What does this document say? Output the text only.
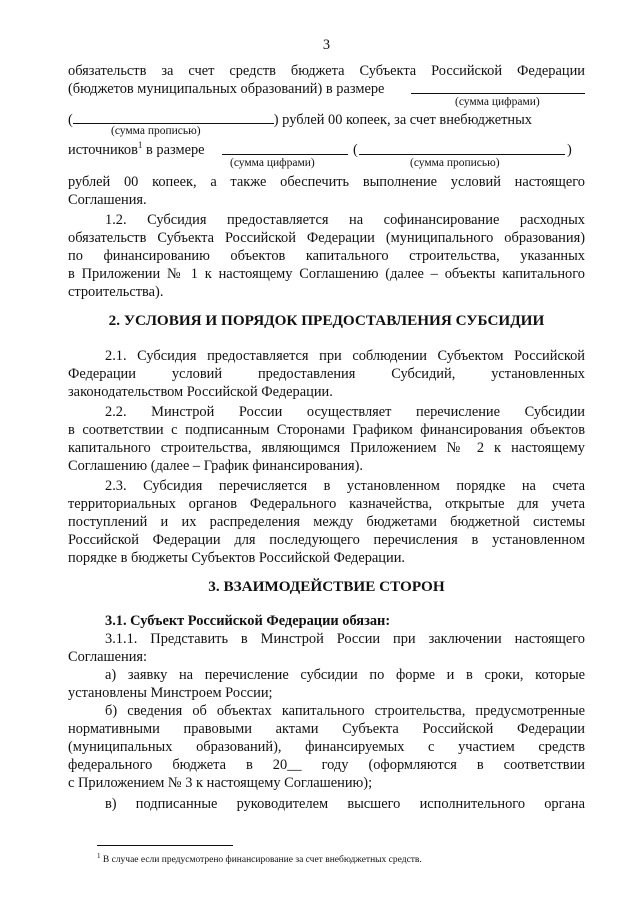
3
обязательств за счет средств бюджета Субъекта Российской Федерации
(бюджетов муниципальных образований) в размере
(сумма цифрами)
(	) рублей 00 копеек, за счет внебюджетных
(сумма прописью)
источников$^1$ в размере	(	)
(сумма цифрами)	(сумма прописью)
рублей 00 копеек, а также обеспечить выполнение условий настоящего
Соглашения.
1.2. Субсидия предоставляется на софинансирование расходных
обязательств Субъекта Российской Федерации (муниципального образования)
по финансированию объектов капитального строительства, указанных
в Приложении № 1 к настоящему Соглашению (далее – объекты капитального
строительства).
2. УСЛОВИЯ И ПОРЯДОК ПРЕДОСТАВЛЕНИЯ СУБСИДИИ
2.1. Субсидия предоставляется при соблюдении Субъектом Российской
Федерации условий предоставления Субсидий, установленных
законодательством Российской Федерации.
2.2. Минстрой России осуществляет перечисление Субсидии
в соответствии с подписанным Сторонами Графиком финансирования объектов
капитального строительства, являющимся Приложением № 2 к настоящему
Соглашению (далее – График финансирования).
2.3. Субсидия перечисляется в установленном порядке на счета
территориальных органов Федерального казначейства, открытые для учета
поступлений и их распределения между бюджетами бюджетной системы
Российской Федерации для последующего перечисления в установленном
порядке в бюджеты Субъектов Российской Федерации.
3. ВЗАИМОДЕЙСТВИЕ СТОРОН
3.1. Субъект Российской Федерации обязан:
3.1.1. Представить в Минстрой России при заключении настоящего
Соглашения:
а) заявку на перечисление субсидии по форме и в сроки, которые
установлены Минстроем России;
б) сведения об объектах капитального строительства, предусмотренные
нормативными правовыми актами Субъекта Российской Федерации
(муниципальных образований), финансируемых с участием средств
федерального бюджета в 20__ году (оформляются в соответствии
с Приложением № 3 к настоящему Соглашению);
в) подписанные руководителем высшего исполнительного органа
$^1$ В случае если предусмотрено финансирование за счет внебюджетных средств.
